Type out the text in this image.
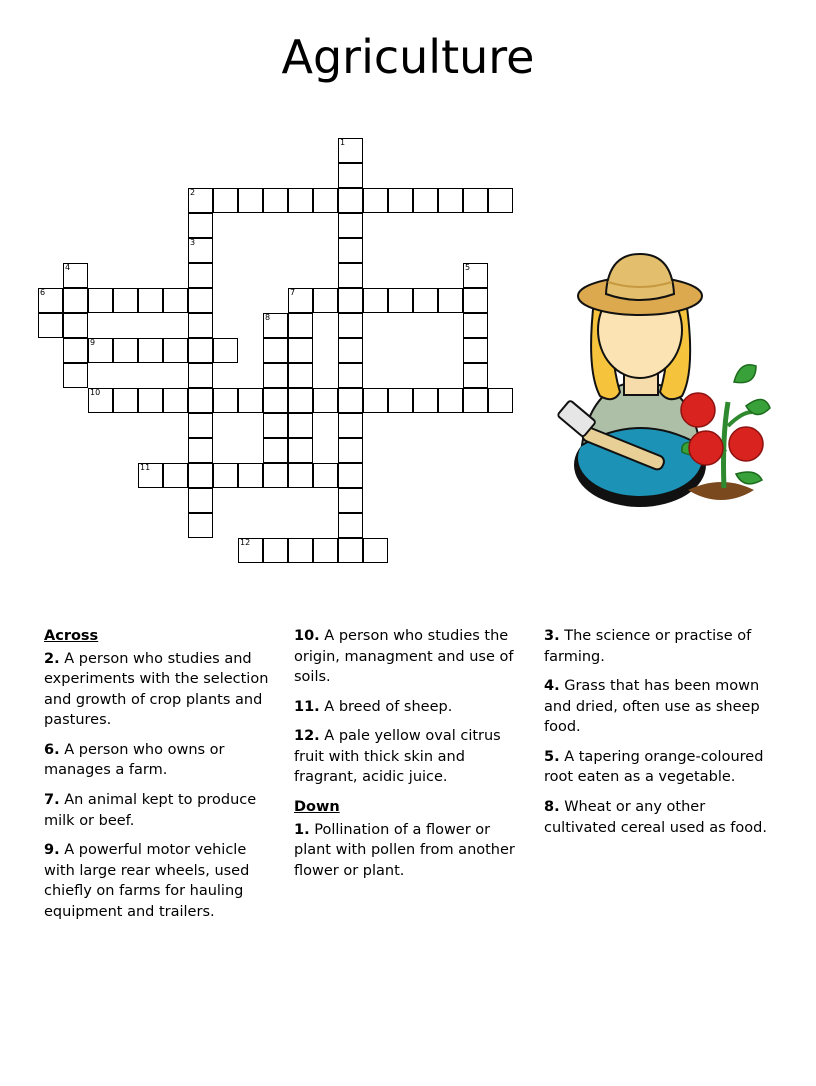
Agriculture
1
2
3
4	5
6	7
8
9
10
11
12
Across
2. A person who studies and experiments with the selection and growth of crop plants and pastures.
6. A person who owns or manages a farm.
7. An animal kept to produce milk or beef.
9. A powerful motor vehicle with large rear wheels, used chiefly on farms for hauling equipment and trailers.
10. A person who studies the origin, managment and use of soils.
11. A breed of sheep.
12. A pale yellow oval citrus fruit with thick skin and fragrant, acidic juice.
Down
1. Pollination of a flower or plant with pollen from another flower or plant.
3. The science or practise of farming.
4. Grass that has been mown and dried, often use as sheep food.
5. A tapering orange-coloured root eaten as a vegetable.
8. Wheat or any other cultivated cereal used as food.
